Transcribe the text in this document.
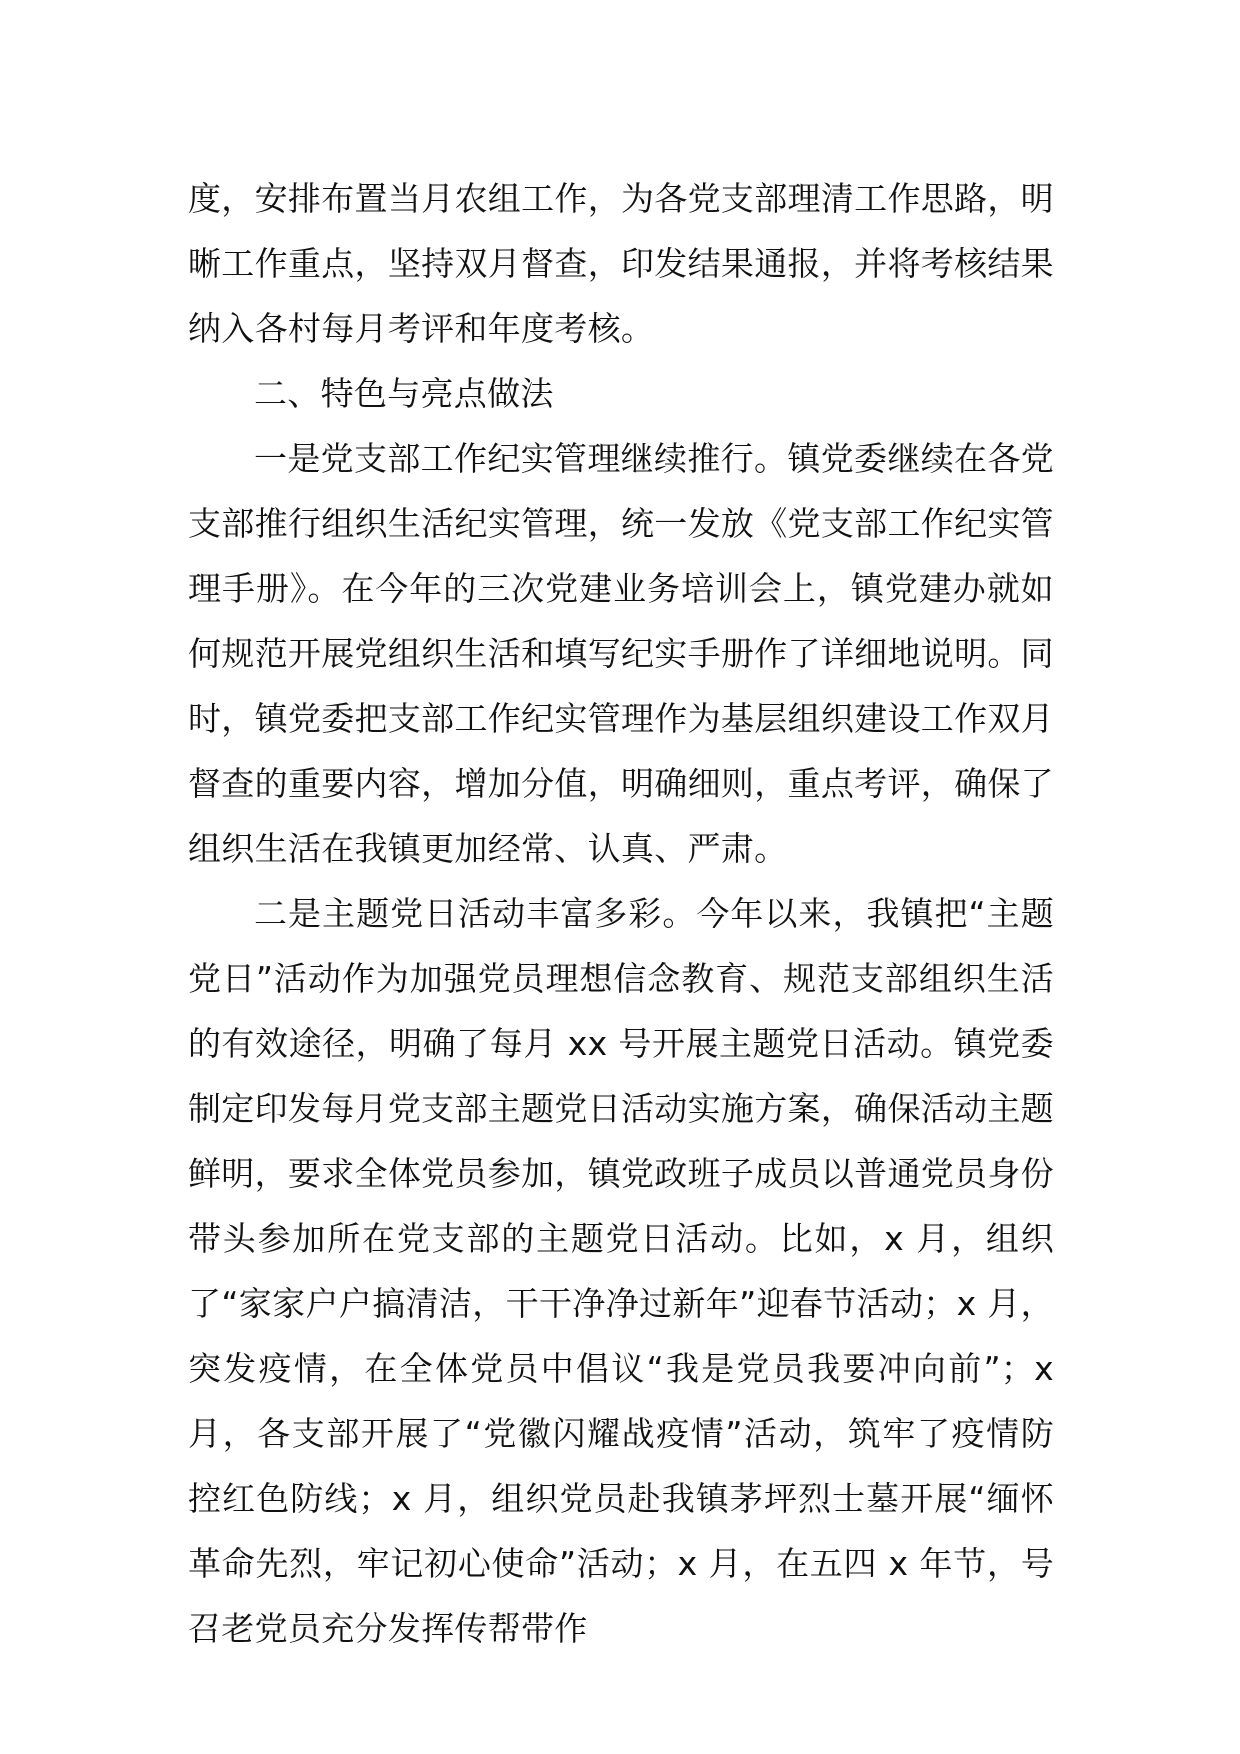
度，安排布置当月农组工作，为各党支部理清工作思路，明晰工作重点，坚持双月督查，印发结果通报，并将考核结果纳入各村每月考评和年度考核。

二、特色与亮点做法

一是党支部工作纪实管理继续推行。镇党委继续在各党支部推行组织生活纪实管理，统一发放《党支部工作纪实管理手册》。在今年的三次党建业务培训会上，镇党建办就如何规范开展党组织生活和填写纪实手册作了详细地说明。同时，镇党委把支部工作纪实管理作为基层组织建设工作双月督查的重要内容，增加分值，明确细则，重点考评，确保了组织生活在我镇更加经常、认真、严肃。

二是主题党日活动丰富多彩。今年以来，我镇把“主题党日”活动作为加强党员理想信念教育、规范支部组织生活的有效途径，明确了每月 xx 号开展主题党日活动。镇党委制定印发每月党支部主题党日活动实施方案，确保活动主题鲜明，要求全体党员参加，镇党政班子成员以普通党员身份带头参加所在党支部的主题党日活动。比如，x 月，组织了“家家户户搞清洁，干干净净过新年”迎春节活动；x 月，突发疫情，在全体党员中倡议“我是党员我要冲向前”；x 月，各支部开展了“党徽闪耀战疫情”活动，筑牢了疫情防控红色防线；x 月，组织党员赴我镇茅坪烈士墓开展“缅怀革命先烈，牢记初心使命”活动；x 月，在五四 x 年节，号召老党员充分发挥传帮带作
